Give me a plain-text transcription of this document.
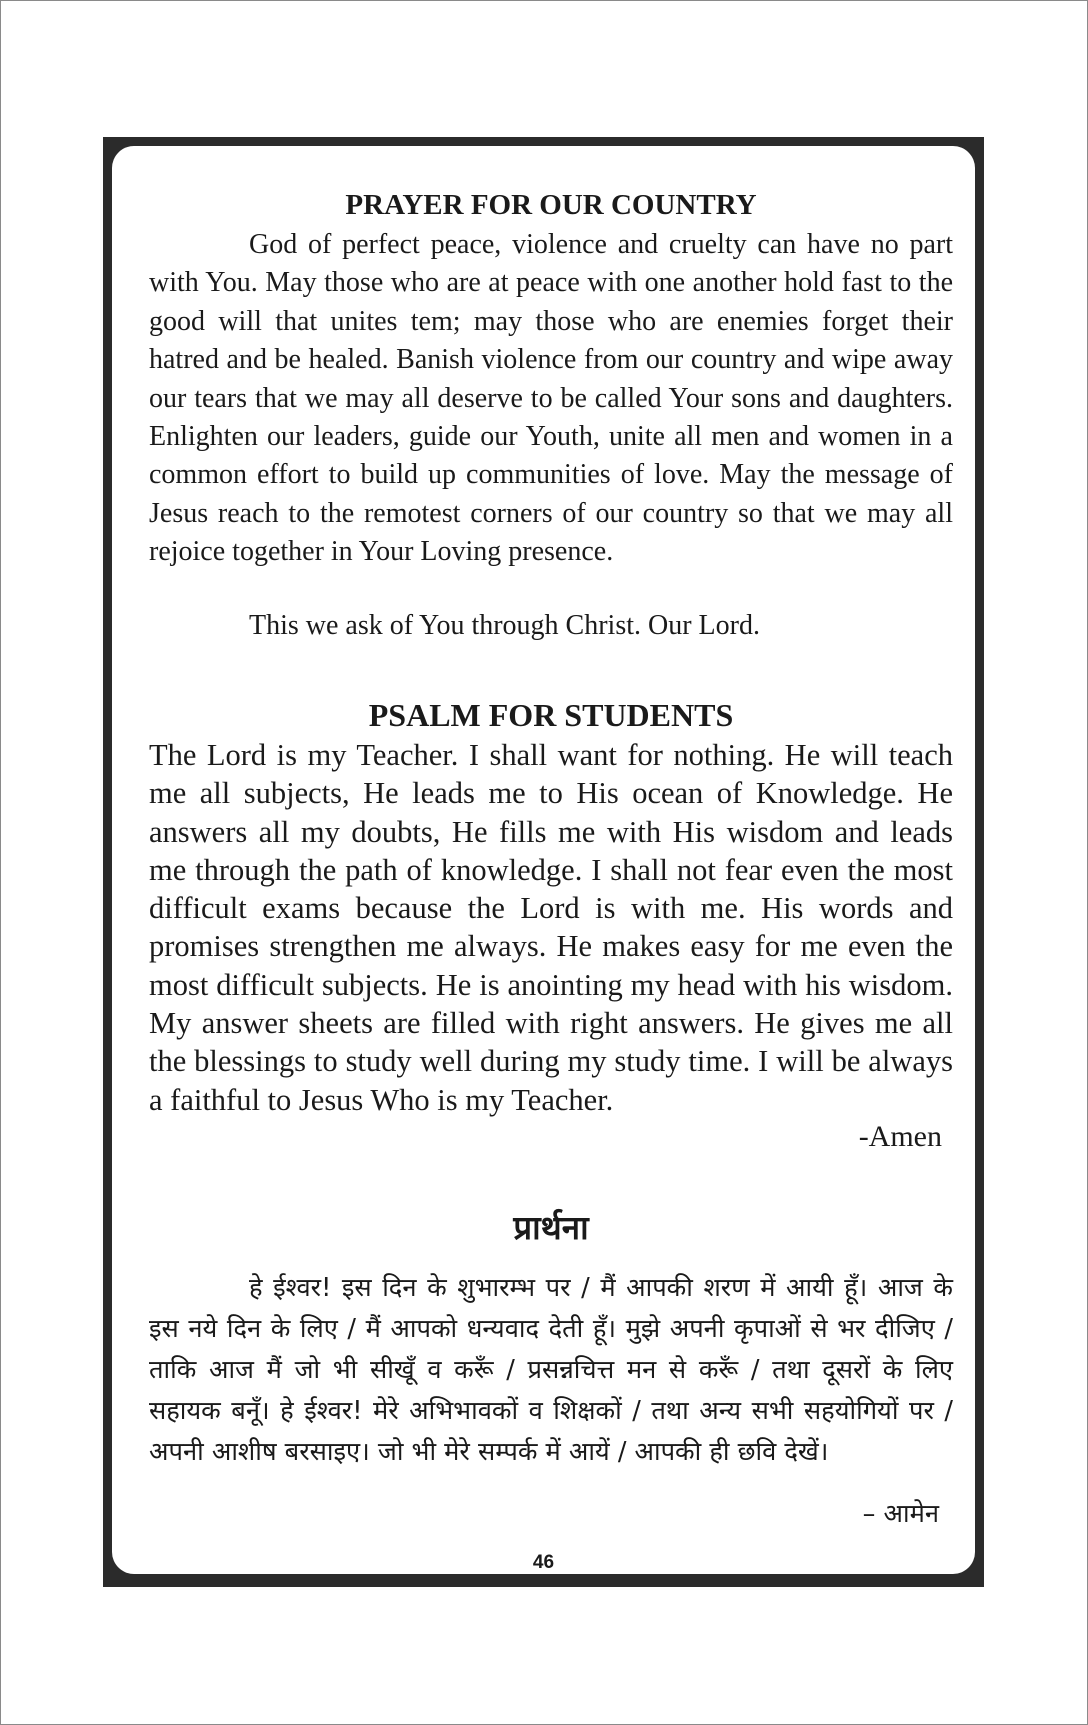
PRAYER FOR OUR COUNTRY

God of perfect peace, violence and cruelty can have no part with You. May those who are at peace with one another hold fast to the good will that unites tem; may those who are enemies forget their hatred and be healed. Banish violence from our country and wipe away our tears that we may all deserve to be called Your sons and daughters. Enlighten our leaders, guide our Youth, unite all men and women in a common effort to build up communities of love. May the message of Jesus reach to the remotest corners of our country so that we may all rejoice together in Your Loving presence.

This we ask of You through Christ. Our Lord.
PSALM FOR STUDENTS

The Lord is my Teacher. I shall want for nothing. He will teach me all subjects, He leads me to His ocean of Knowledge. He answers all my doubts, He fills me with His wisdom and leads me through the path of knowledge. I shall not fear even the most difficult exams because the Lord is with me. His words and promises strengthen me always. He makes easy for me even the most difficult subjects. He is anointing my head with his wisdom. My answer sheets are filled with right answers. He gives me all the blessings to study well during my study time. I will be always a faithful to Jesus Who is my Teacher.

-Amen
प्रार्थना

हे ईश्वर! इस दिन के शुभारम्भ पर / मैं आपकी शरण में आयी हूँ। आज के इस नये दिन के लिए / मैं आपको धन्यवाद देती हूँ। मुझे अपनी कृपाओं से भर दीजिए / ताकि आज मैं जो भी सीखूँ व करूँ / प्रसन्नचित्त मन से करूँ / तथा दूसरों के लिए सहायक बनूँ। हे ईश्वर! मेरे अभिभावकों व शिक्षकों / तथा अन्य सभी सहयोगियों पर / अपनी आशीष बरसाइए। जो भी मेरे सम्पर्क में आयें / आपकी ही छवि देखें।

– आमेन
46
